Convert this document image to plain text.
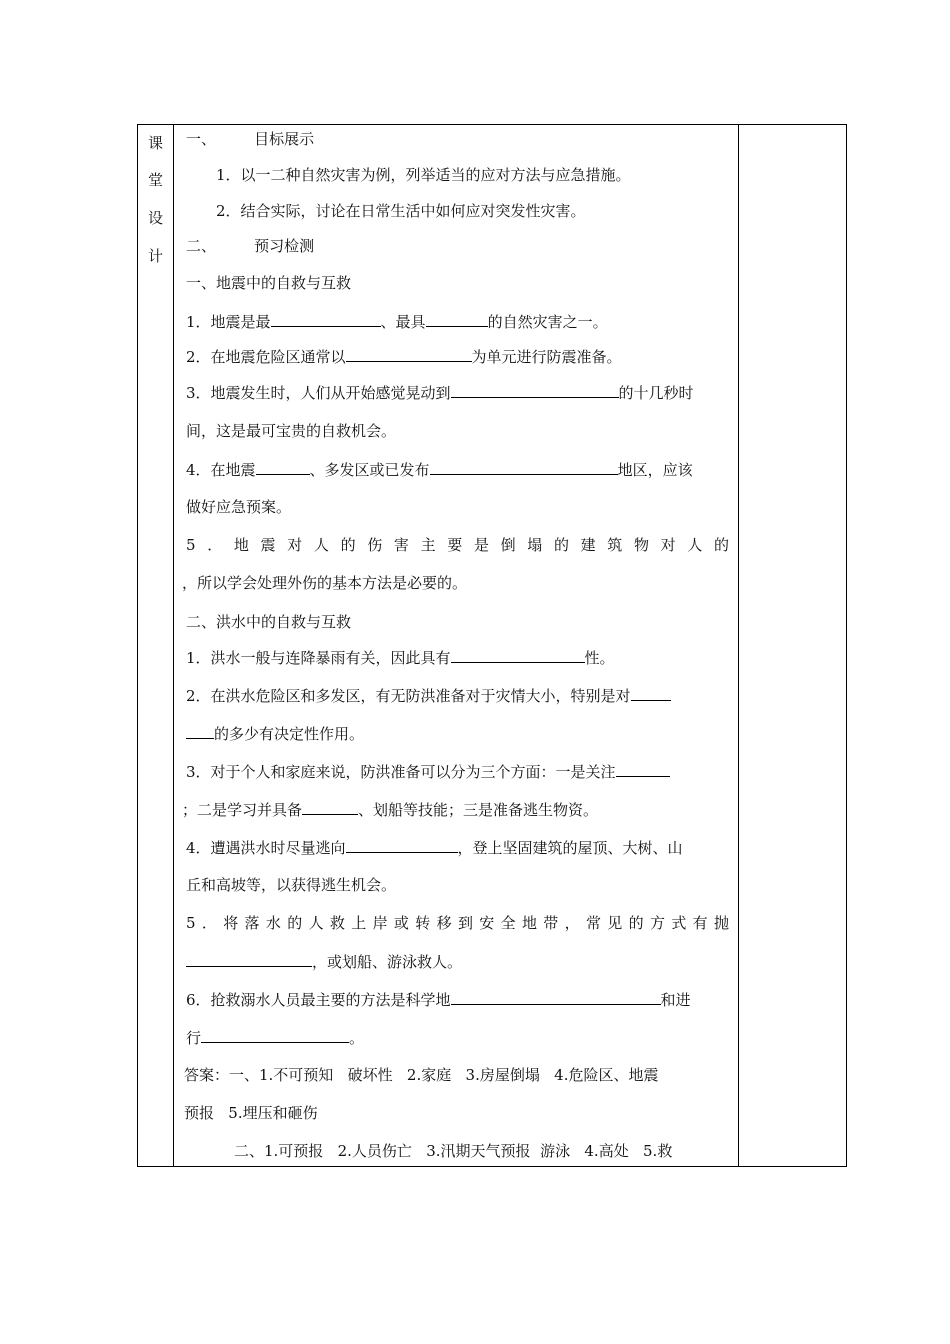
课
堂
设
计
一、        目标展示
1．以一二种自然灾害为例，列举适当的应对方法与应急措施。
2．结合实际，讨论在日常生活中如何应对突发性灾害。
二、        预习检测
一、地震中的自救与互救
1．地震是最	、最具	的自然灾害之一。
2．在地震危险区通常以	为单元进行防震准备。
3．地震发生时，人们从开始感觉晃动到	的十几秒时
间，这是最可宝贵的自救机会。
4．在地震	、多发区或已发布	地区，应该
做好应急预案。
5．地震对人的伤害主要是倒塌的建筑物对人的
，所以学会处理外伤的基本方法是必要的。
二、洪水中的自救与互救
1．洪水一般与连降暴雨有关，因此具有	性。
2．在洪水危险区和多发区，有无防洪准备对于灾情大小，特别是对
的多少有决定性作用。
3．对于个人和家庭来说，防洪准备可以分为三个方面：一是关注
；二是学习并具备	、划船等技能；三是准备逃生物资。
4．遭遇洪水时尽量逃向	，登上坚固建筑的屋顶、大树、山
丘和高坡等，以获得逃生机会。
5．将落水的人救上岸或转移到安全地带，常见的方式有抛
，或划船、游泳救人。
6．抢救溺水人员最主要的方法是科学地	和进
行	。
答案：一、1.不可预知   破坏性   2.家庭   3.房屋倒塌   4.危险区、地震
预报   5.埋压和砸伤
二、1.可预报   2.人员伤亡   3.汛期天气预报  游泳   4.高处   5.救
